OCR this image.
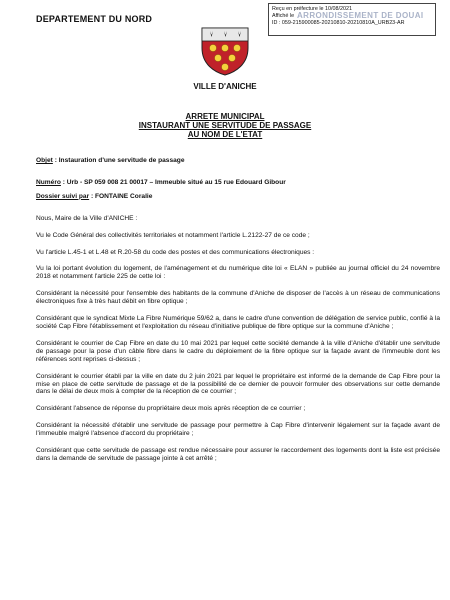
DEPARTEMENT DU NORD
Reçu en préfecture le 10/08/2021
Affiché le
ID : 059-215900085-20210810-20210810A_URB23-AR
ARRONDISSEMENT DE DOUAI
VILLE D'ANICHE
ARRETE MUNICIPAL
INSTAURANT UNE SERVITUDE DE PASSAGE
AU NOM DE L'ETAT

Objet : Instauration d'une servitude de passage

Numéro : Urb - SP 059 008 21 00017 – Immeuble situé au 15 rue Edouard Gibour

Dossier suivi par : FONTAINE Coralie

Nous, Maire de la Ville d'ANICHE :

Vu le Code Général des collectivités territoriales et notamment l'article L.2122-27 de ce code ;

Vu l'article L.45-1 et L.48 et R.20-58 du code des postes et des communications électroniques :

Vu la loi portant évolution du logement, de l'aménagement et du numérique dite loi « ELAN » publiée au journal officiel du 24 novembre 2018 et notamment l'article 225 de cette loi :

Considérant la nécessité pour l'ensemble des habitants de la commune d'Aniche de disposer de l'accès à un réseau de communications électroniques fixe à très haut débit en fibre optique ;

Considérant que le syndicat Mixte La Fibre Numérique 59/62 a, dans le cadre d'une convention de délégation de service public, confié à la société Cap Fibre l'établissement et l'exploitation du réseau d'initiative publique de fibre optique sur la commune d'Aniche ;

Considérant le courrier de Cap Fibre en date du 10 mai 2021 par lequel cette société demande à la ville d'Aniche d'établir une servitude de passage pour la pose d'un câble fibre dans le cadre du déploiement de la fibre optique sur la façade avant de l'immeuble dont les références sont reprises ci-dessus ;

Considérant le courrier établi par la ville en date du 2 juin 2021 par lequel le propriétaire est informé de la demande de Cap Fibre pour la mise en place de cette servitude de passage et de la possibilité de ce dernier de pouvoir formuler des observations sur cette demande dans le délai de deux mois à compter de la réception de ce courrier ;

Considérant l'absence de réponse du propriétaire deux mois après réception de ce courrier ;

Considérant la nécessité d'établir une servitude de passage pour permettre à Cap Fibre d'intervenir légalement sur la façade avant de l'immeuble malgré l'absence d'accord du propriétaire ;

Considérant que cette servitude de passage est rendue nécessaire pour assurer le raccordement des logements dont la liste est précisée dans la demande de servitude de passage jointe à cet arrêté ;
